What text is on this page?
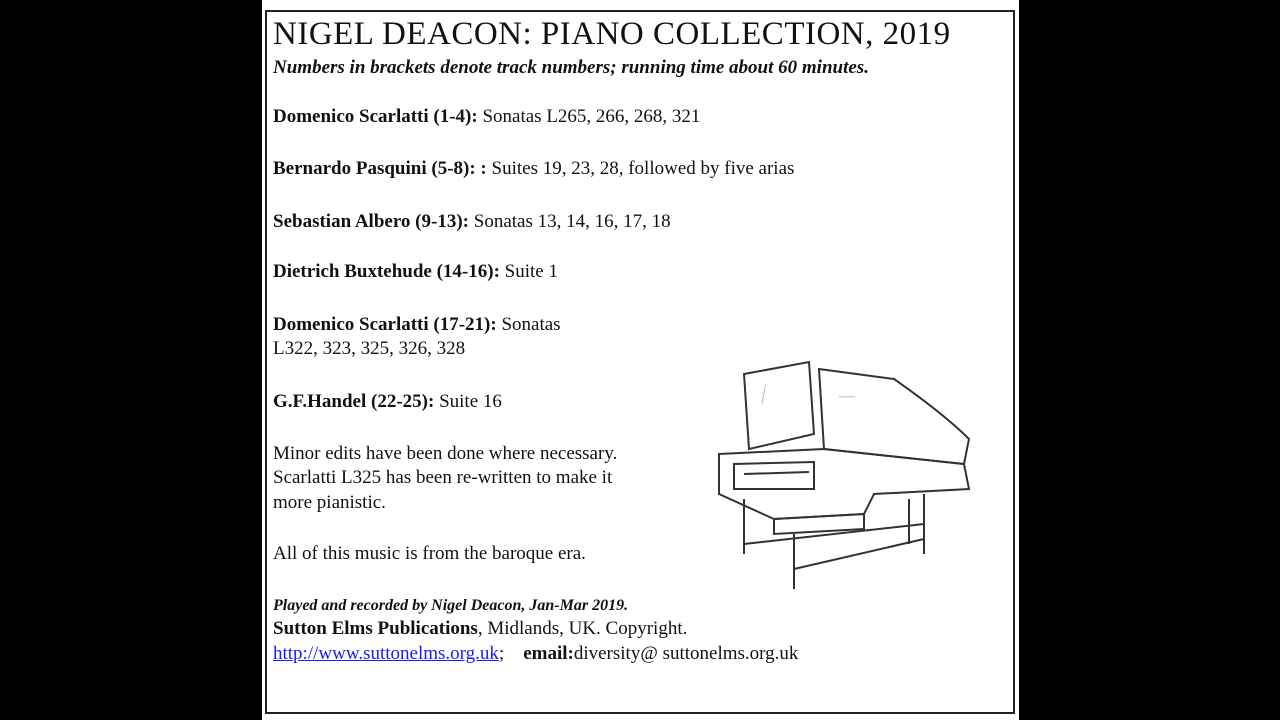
NIGEL DEACON: PIANO COLLECTION, 2019
Numbers in brackets denote track numbers; running time about 60 minutes.
Domenico Scarlatti (1-4): Sonatas L265, 266, 268, 321
Bernardo Pasquini (5-8): : Suites 19, 23, 28, followed by five arias
Sebastian Albero (9-13): Sonatas 13, 14, 16, 17, 18
Dietrich Buxtehude (14-16): Suite 1
Domenico Scarlatti (17-21): Sonatas
L322, 323, 325, 326, 328
G.F.Handel (22-25): Suite 16
Minor edits have been done where necessary.
Scarlatti L325 has been re-written to make it
more pianistic.
All of this music is from the baroque era.
Played and recorded by Nigel Deacon, Jan-Mar 2019.
Sutton Elms Publications, Midlands, UK. Copyright.
http://www.suttonelms.org.uk; email:diversity@ suttonelms.org.uk
~~~~~~	~~~~~
